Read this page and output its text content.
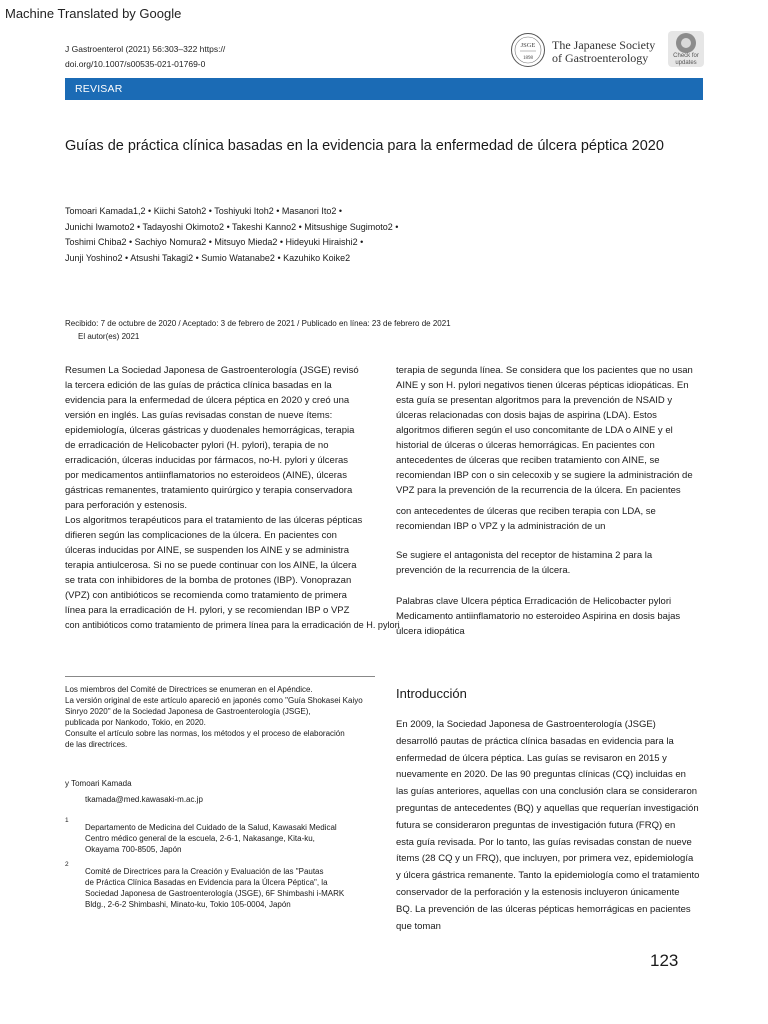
Machine Translated by Google
J Gastroenterol (2021) 56:303–322 https://
doi.org/10.1007/s00535-021-01769-0
JSGE
1898
The Japanese Society
of Gastroenterology	Check for
updates
REVISAR
Guías de práctica clínica basadas en la evidencia para la enfermedad de úlcera péptica 2020
Tomoari Kamada1,2 • Kiichi Satoh2 • Toshiyuki Itoh2 • Masanori Ito2 •
Junichi Iwamoto2 • Tadayoshi Okimoto2 • Takeshi Kanno2 • Mitsushige Sugimoto2 •
Toshimi Chiba2 • Sachiyo Nomura2 • Mitsuyo Mieda2 • Hideyuki Hiraishi2 •
Junji Yoshino2 • Atsushi Takagi2 • Sumio Watanabe2 • Kazuhiko Koike2
Recibido: 7 de octubre de 2020 / Aceptado: 3 de febrero de 2021 / Publicado en línea: 23 de febrero de 2021
El autor(es) 2021
Resumen La Sociedad Japonesa de Gastroenterología (JSGE) revisó
la tercera edición de las guías de práctica clínica basadas en la
evidencia para la enfermedad de úlcera péptica en 2020 y creó una
versión en inglés. Las guías revisadas constan de nueve ítems:
epidemiología, úlceras gástricas y duodenales hemorrágicas, terapia
de erradicación de Helicobacter pylori (H. pylori), terapia de no
erradicación, úlceras inducidas por fármacos, no-H. pylori y úlceras
por medicamentos antiinflamatorios no esteroideos (AINE), úlceras
gástricas remanentes, tratamiento quirúrgico y terapia conservadora
para perforación y estenosis.
Los algoritmos terapéuticos para el tratamiento de las úlceras pépticas
difieren según las complicaciones de la úlcera. En pacientes con
úlceras inducidas por AINE, se suspenden los AINE y se administra
terapia antiulcerosa. Si no se puede continuar con los AINE, la úlcera
se trata con inhibidores de la bomba de protones (IBP). Vonoprazan
(VPZ) con antibióticos se recomienda como tratamiento de primera
línea para la erradicación de H. pylori, y se recomiendan IBP o VPZ
con antibióticos como tratamiento de primera línea para la erradicación de H. pylori
terapia de segunda línea. Se considera que los pacientes que no usan
AINE y son H. pylori negativos tienen úlceras pépticas idiopáticas. En
esta guía se presentan algoritmos para la prevención de NSAID y
úlceras relacionadas con dosis bajas de aspirina (LDA). Estos
algoritmos difieren según el uso concomitante de LDA o AINE y el
historial de úlceras o úlceras hemorrágicas. En pacientes con
antecedentes de úlceras que reciben tratamiento con AINE, se
recomiendan IBP con o sin celecoxib y se sugiere la administración de
VPZ para la prevención de la recurrencia de la úlcera. En pacientes
con antecedentes de úlceras que reciben terapia con LDA, se
recomiendan IBP o VPZ y la administración de un
Se sugiere el antagonista del receptor de histamina 2 para la
prevención de la recurrencia de la úlcera.
Palabras clave Ulcera péptica Erradicación de Helicobacter pylori
Medicamento antiinflamatorio no esteroideo Aspirina en dosis bajas
úlcera idiopática
Los miembros del Comité de Directrices se enumeran en el Apéndice.
La versión original de este artículo apareció en japonés como "Guía Shokasei Kaiyo
Sinryo 2020" de la Sociedad Japonesa de Gastroenterología (JSGE),
publicada por Nankodo, Tokio, en 2020.
Consulte el artículo sobre las normas, los métodos y el proceso de elaboración
de las directrices.
y Tomoari Kamada
tkamada@med.kawasaki-m.ac.jp
1
Departamento de Medicina del Cuidado de la Salud, Kawasaki Medical
Centro médico general de la escuela, 2-6-1, Nakasange, Kita-ku,
Okayama 700-8505, Japón
2
Comité de Directrices para la Creación y Evaluación de las "Pautas
de Práctica Clínica Basadas en Evidencia para la Úlcera Péptica", la
Sociedad Japonesa de Gastroenterología (JSGE), 6F Shimbashi i-MARK
Bldg., 2-6-2 Shimbashi, Minato-ku, Tokio 105-0004, Japón
Introducción
En 2009, la Sociedad Japonesa de Gastroenterología (JSGE)
desarrolló pautas de práctica clínica basadas en evidencia para la
enfermedad de úlcera péptica. Las guías se revisaron en 2015 y
nuevamente en 2020. De las 90 preguntas clínicas (CQ) incluidas en
las guías anteriores, aquellas con una conclusión clara se consideraron
preguntas de antecedentes (BQ) y aquellas que requerían investigación
futura se consideraron preguntas de investigación futura (FRQ) en
esta guía revisada. Por lo tanto, las guías revisadas constan de nueve
ítems (28 CQ y un FRQ), que incluyen, por primera vez, epidemiología
y úlcera gástrica remanente. Tanto la epidemiología como el tratamiento
conservador de la perforación y la estenosis incluyeron únicamente
BQ. La prevención de las úlceras pépticas hemorrágicas en pacientes
que toman
123
